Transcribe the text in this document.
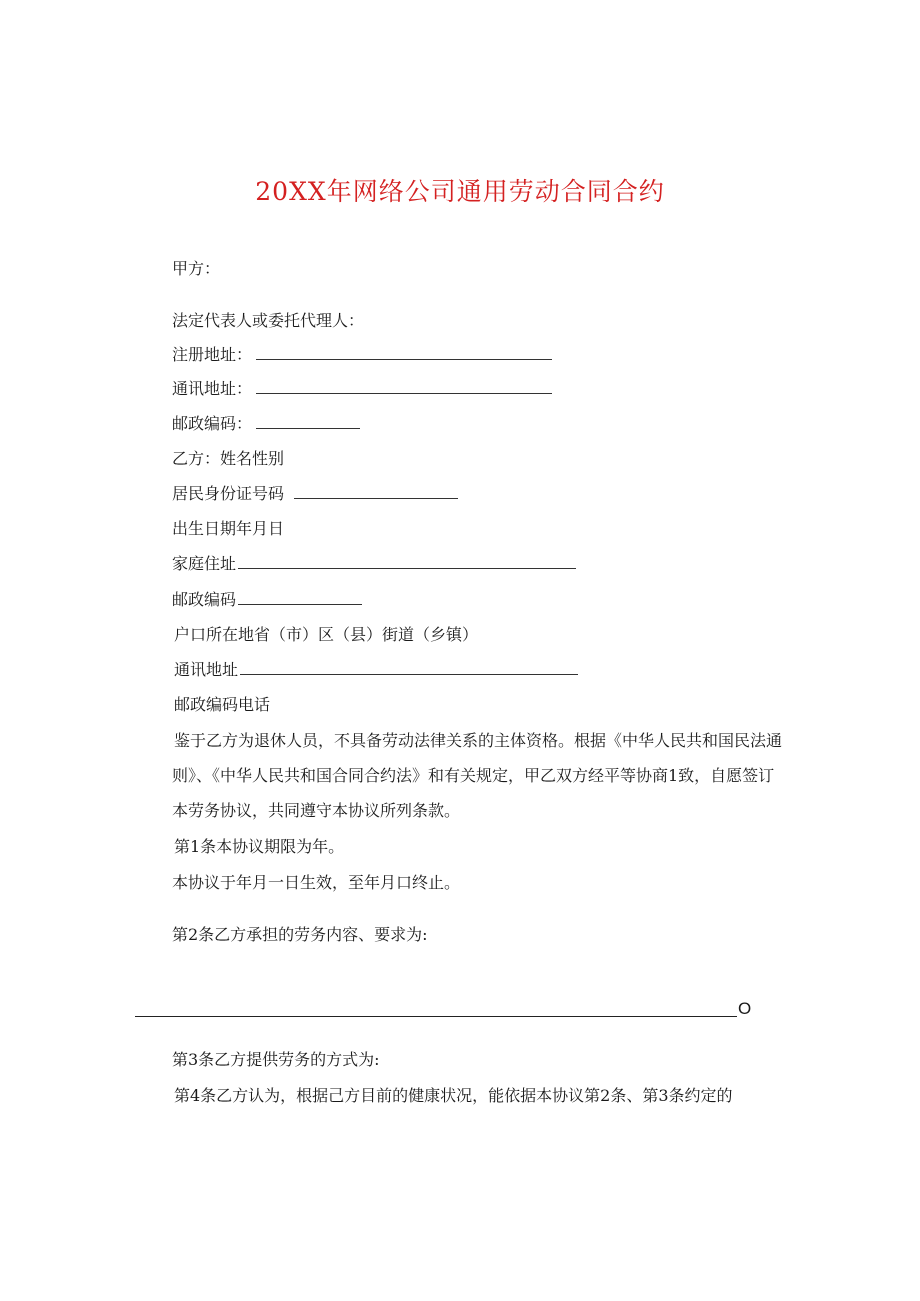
20XX年网络公司通用劳动合同合约
甲方：
法定代表人或委托代理人：
注册地址：
通讯地址：
邮政编码：
乙方：姓名性别
居民身份证号码
出生日期年月日
家庭住址
邮政编码
户口所在地省（市）区（县）街道（乡镇）
通讯地址
邮政编码电话
鉴于乙方为退休人员，不具备劳动法律关系的主体资格。根据《中华人民共和国民法通则》、《中华人民共和国合同合约法》和有关规定，甲乙双方经平等协商1致，自愿签订本劳务协议，共同遵守本协议所列条款。
第1条本协议期限为年。
本协议于年月一日生效，至年月口终止。
第2条乙方承担的劳务内容、要求为:
O
第3条乙方提供劳务的方式为:
第4条乙方认为，根据己方目前的健康状况，能依据本协议第2条、第3条约定的
